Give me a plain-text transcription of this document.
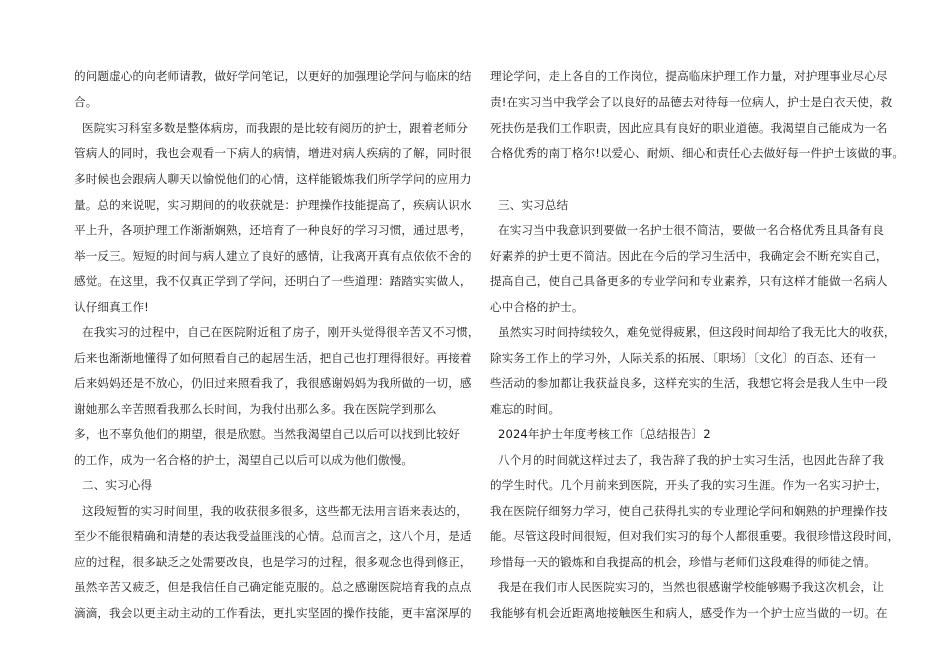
的问题虚心的向老师请教，做好学问笔记，以更好的加强理论学问与临床的结
合。
医院实习科室多数是整体病房，而我跟的是比较有阅历的护士，跟着老师分
管病人的同时，我也会观看一下病人的病情，增进对病人疾病的了解，同时很
多时候也会跟病人聊天以愉悦他们的心情，这样能锻炼我们所学学问的应用力
量。总的来说呢，实习期间的的收获就是：护理操作技能提高了，疾病认识水
平上升，各项护理工作渐渐娴熟，还培育了一种良好的学习习惯，通过思考，
举一反三。短短的时间与病人建立了良好的感情，让我离开真有点依依不舍的
感觉。在这里，我不仅真正学到了学问，还明白了一些道理：踏踏实实做人，
认仔细真工作!
在我实习的过程中，自己在医院附近租了房子，刚开头觉得很辛苦又不习惯，
后来也渐渐地懂得了如何照看自己的起居生活，把自己也打理得很好。再接着
后来妈妈还是不放心，仍旧过来照看我了，我很感谢妈妈为我所做的一切，感
谢她那么辛苦照看我那么长时间，为我付出那么多。我在医院学到那么
多，也不辜负他们的期望，很是欣慰。当然我渴望自己以后可以找到比较好
的工作，成为一名合格的护士，渴望自己以后可以成为他们傲慢。
二、实习心得
这段短暂的实习时间里，我的收获很多很多，这些都无法用言语来表达的，
至少不能很精确和清楚的表达我受益匪浅的心情。总而言之，这八个月，是适
应的过程，很多缺乏之处需要改良，也是学习的过程，很多观念也得到修正，
虽然辛苦又疲乏，但是我信任自己确定能克服的。总之感谢医院培育我的点点
滴滴，我会以更主动主动的工作看法，更扎实坚固的操作技能，更丰富深厚的
理论学问，走上各自的工作岗位，提高临床护理工作力量，对护理事业尽心尽
责!在实习当中我学会了以良好的品德去对待每一位病人，护士是白衣天使，救
死扶伤是我们工作职责，因此应具有良好的职业道德。我渴望自己能成为一名
合格优秀的南丁格尔!以爱心、耐烦、细心和责任心去做好每一件护士该做的事。
三、实习总结
在实习当中我意识到要做一名护士很不简洁，要做一名合格优秀且具备有良
好素养的护士更不简洁。因此在今后的学习生活中，我确定会不断充实自己，
提高自己，使自己具备更多的专业学问和专业素养，只有这样才能做一名病人
心中合格的护士。
虽然实习时间持续较久，难免觉得疲累，但这段时间却给了我无比大的收获，
除实务工作上的学习外，人际关系的拓展、〔职场〕〔文化〕的百态、还有一
些活动的参加都让我获益良多，这样充实的生活，我想它将会是我人生中一段
难忘的时间。
2024年护士年度考核工作〔总结报告〕2
八个月的时间就这样过去了，我告辞了我的护士实习生活，也因此告辞了我
的学生时代。几个月前来到医院，开头了我的实习生涯。作为一名实习护士，
我在医院仔细努力学习，使自己获得扎实的专业理论学问和娴熟的护理操作技
能。尽管这段时间很短，但对我们实习的每个人都很重要。我很珍惜这段时间，
珍惜每一天的锻炼和自我提高的机会，珍惜与老师们这段难得的师徒之情。
我是在我们市人民医院实习的，当然也很感谢学校能够赐予我这次机会，让
我能够有机会近距离地接触医生和病人，感受作为一个护士应当做的一切。在
